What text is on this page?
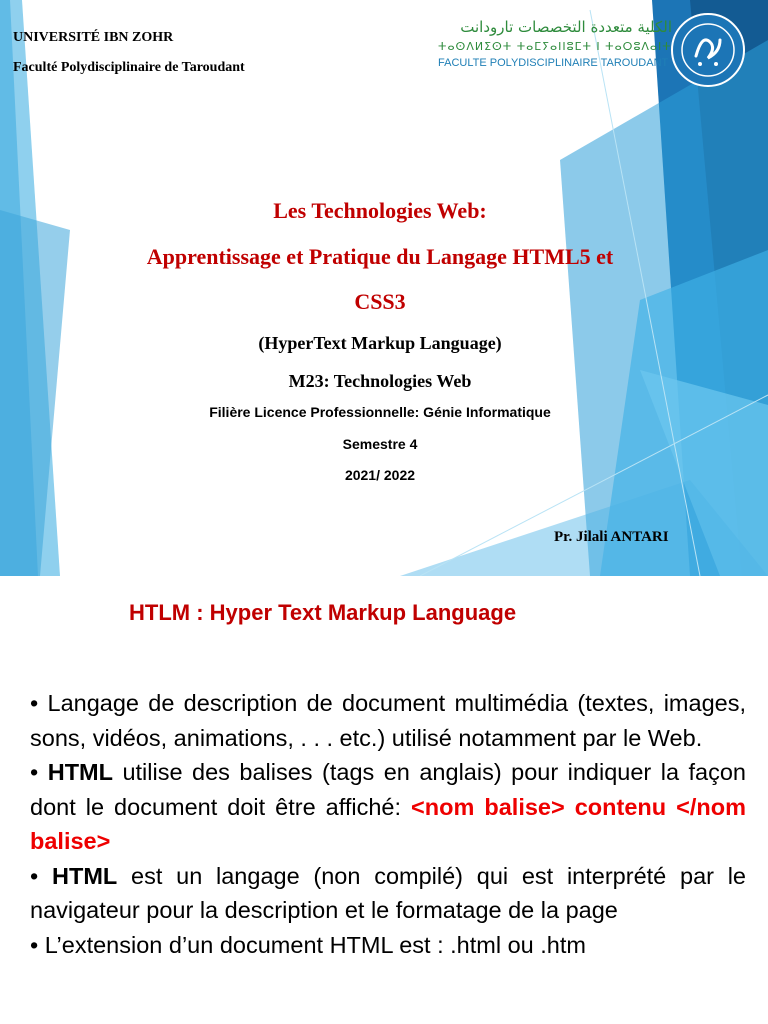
UNIVERSITÉ IBN ZOHR
Faculté Polydisciplinaire de Taroudant
الكلية متعددة التخصصات تارودانت
ⵜⴰⵙⴷⵍⵉⵙⵜ ⵜⴰⵎⵢⴰⵏⵏⵓⵎⵜ ⵏ ⵜⴰⵔⵓⴷⴰⵏⵜ
FACULTE POLYDISCIPLINAIRE TAROUDANT
Les Technologies Web:
Apprentissage et Pratique du Langage HTML5 et
CSS3
(HyperText Markup Language)
M23: Technologies Web
Filière Licence Professionnelle: Génie Informatique
Semestre 4
2021/ 2022
Pr. Jilali ANTARI
HTLM : Hyper Text Markup Language

• Langage de description de document multimédia (textes, images, sons, vidéos, animations, . . . etc.) utilisé notamment par le Web.

• HTML utilise des balises (tags en anglais) pour indiquer la façon dont le document doit être affiché: <nom balise> contenu </nom balise>

• HTML est un langage (non compilé) qui est interprété par le navigateur pour la description et le formatage de la page

• L’extension d’un document HTML est : .html ou .htm
